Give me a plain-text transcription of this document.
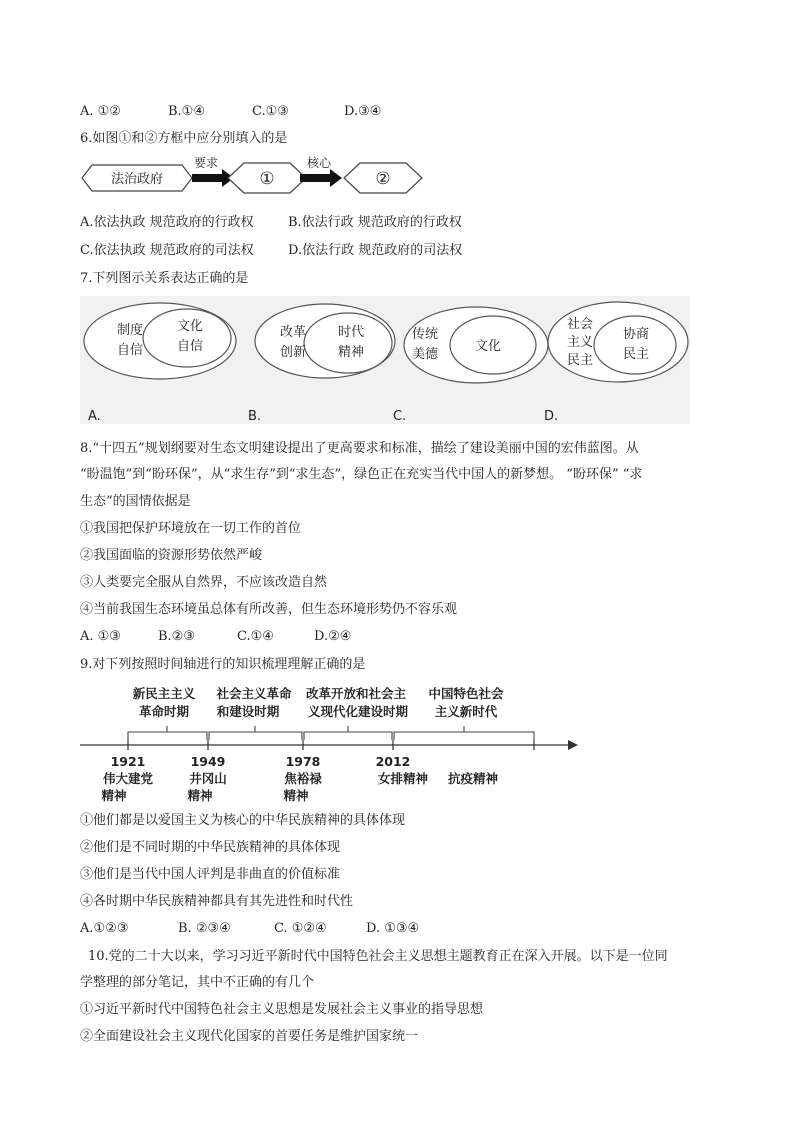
A. ①②	B.①④	C.①③	D.③④
6.如图①和②方框中应分别填入的是
法治政府
要求
①
核心
②
A.依法执政 规范政府的行政权	B.依法行政 规范政府的行政权
C.依法执政 规范政府的司法权	D.依法行政 规范政府的司法权
7.下列图示关系表达正确的是
制度
自信
文化
自信
A.
改革
创新
时代
精神
B.
传统
美德
文化
C.
社会
主义
民主
协商
民主
D.
8.“十四五”规划纲要对生态文明建设提出了更高要求和标准，描绘了建设美丽中国的宏伟蓝图。从
“盼温饱”到“盼环保”，从“求生存”到“求生态”，绿色正在充实当代中国人的新梦想。 “盼环保” “求
生态“的国情依据是
①我国把保护环境放在一切工作的首位
②我国面临的资源形势依然严峻
③人类要完全服从自然界，不应该改造自然
④当前我国生态环境虽总体有所改善，但生态环境形势仍不容乐观
A. ①③	B.②③	C.①④	D.②④
9.对下列按照时间轴进行的知识梳理理解正确的是
新民主主义
革命时期
社会主义革命
和建设时期
改革开放和社会主
义现代化建设时期
中国特色社会
主义新时代
1921	1949	1978	2012
伟大建党
精神
井冈山
精神
焦裕禄
精神
女排精神 抗疫精神
①他们都是以爱国主义为核心的中华民族精神的具体体现
②他们是不同时期的中华民族精神的具体体现
③他们是当代中国人评判是非曲直的价值标准
④各时期中华民族精神都具有其先进性和时代性
A.①②③	B. ②③④	C. ①②④	D. ①③④
10.党的二十大以来，学习习近平新时代中国特色社会主义思想主题教育正在深入开展。以下是一位同
学整理的部分笔记，其中不正确的有几个
①习近平新时代中国特色社会主义思想是发展社会主义事业的指导思想
②全面建设社会主义现代化国家的首要任务是维护国家统一
